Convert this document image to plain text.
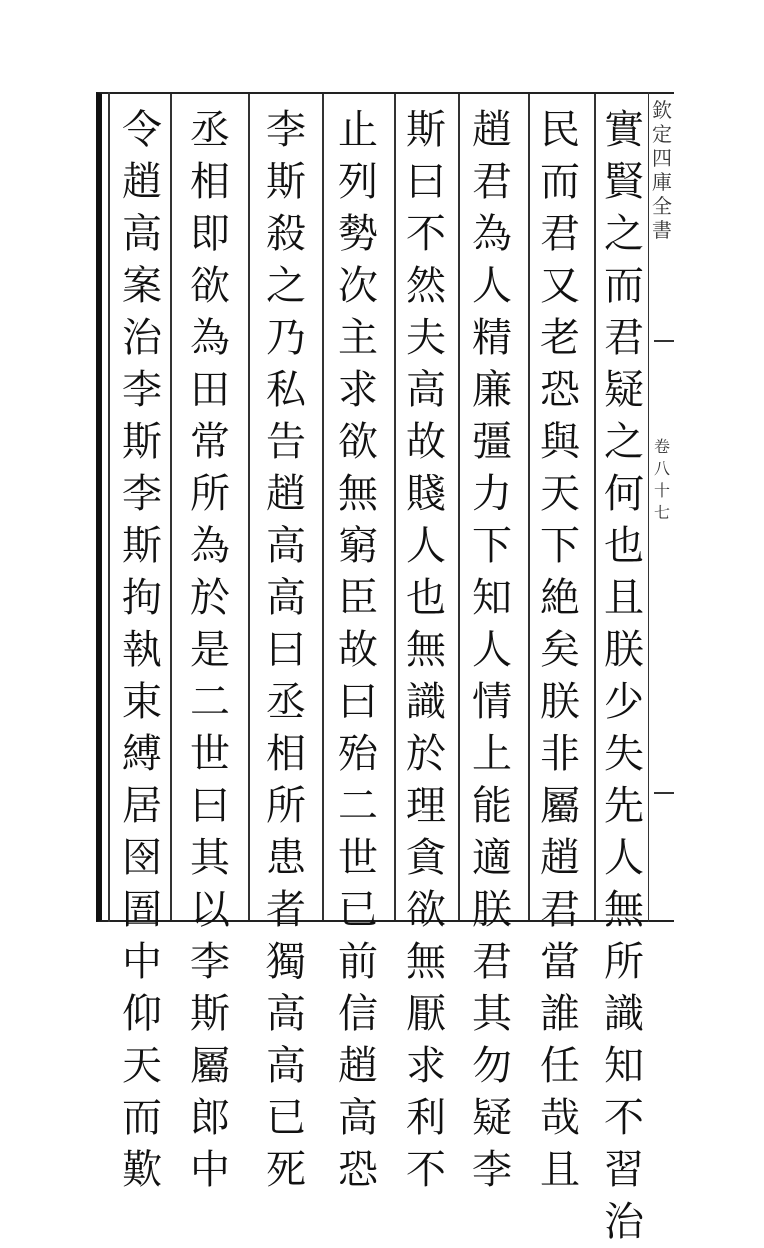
欽定四庫全書
卷八十七
實賢之而君疑之何也且朕少失先人無所識知不習治
民而君又老恐與天下絶矣朕非屬趙君當誰任哉且
趙君為人精廉彊力下知人情上能適朕君其勿疑李
斯曰不然夫高故賤人也無識於理貪欲無厭求利不
止列勢次主求欲無窮臣故曰殆二世已前信趙高恐
李斯殺之乃私告趙高高曰丞相所患者獨高高已死
丞相即欲為田常所為於是二世曰其以李斯屬郎中
令趙高案治李斯李斯拘執束縛居囹圄中仰天而歎
